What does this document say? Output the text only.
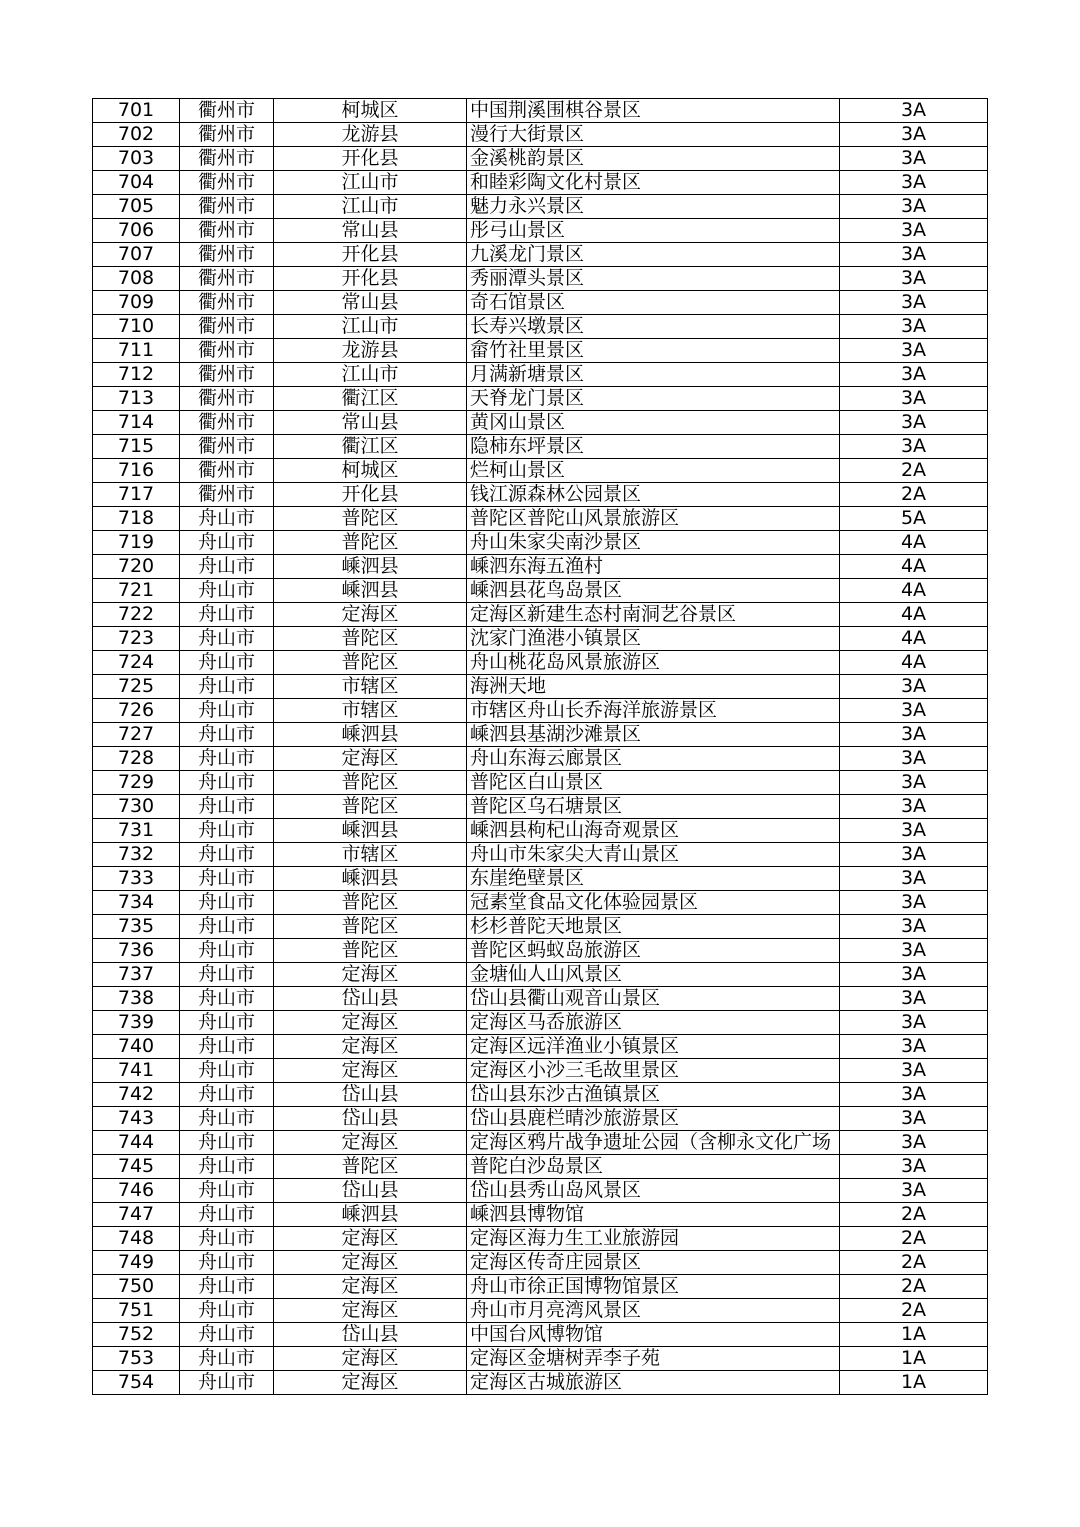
701	衢州市	柯城区	中国荆溪围棋谷景区	3A
702	衢州市	龙游县	漫行大街景区	3A
703	衢州市	开化县	金溪桃韵景区	3A
704	衢州市	江山市	和睦彩陶文化村景区	3A
705	衢州市	江山市	魅力永兴景区	3A
706	衢州市	常山县	彤弓山景区	3A
707	衢州市	开化县	九溪龙门景区	3A
708	衢州市	开化县	秀丽潭头景区	3A
709	衢州市	常山县	奇石馆景区	3A
710	衢州市	江山市	长寿兴墩景区	3A
711	衢州市	龙游县	畲竹社里景区	3A
712	衢州市	江山市	月满新塘景区	3A
713	衢州市	衢江区	天脊龙门景区	3A
714	衢州市	常山县	黄冈山景区	3A
715	衢州市	衢江区	隐柿东坪景区	3A
716	衢州市	柯城区	烂柯山景区	2A
717	衢州市	开化县	钱江源森林公园景区	2A
718	舟山市	普陀区	普陀区普陀山风景旅游区	5A
719	舟山市	普陀区	舟山朱家尖南沙景区	4A
720	舟山市	嵊泗县	嵊泗东海五渔村	4A
721	舟山市	嵊泗县	嵊泗县花鸟岛景区	4A
722	舟山市	定海区	定海区新建生态村南洞艺谷景区	4A
723	舟山市	普陀区	沈家门渔港小镇景区	4A
724	舟山市	普陀区	舟山桃花岛风景旅游区	4A
725	舟山市	市辖区	海洲天地	3A
726	舟山市	市辖区	市辖区舟山长乔海洋旅游景区	3A
727	舟山市	嵊泗县	嵊泗县基湖沙滩景区	3A
728	舟山市	定海区	舟山东海云廊景区	3A
729	舟山市	普陀区	普陀区白山景区	3A
730	舟山市	普陀区	普陀区乌石塘景区	3A
731	舟山市	嵊泗县	嵊泗县枸杞山海奇观景区	3A
732	舟山市	市辖区	舟山市朱家尖大青山景区	3A
733	舟山市	嵊泗县	东崖绝壁景区	3A
734	舟山市	普陀区	冠素堂食品文化体验园景区	3A
735	舟山市	普陀区	杉杉普陀天地景区	3A
736	舟山市	普陀区	普陀区蚂蚁岛旅游区	3A
737	舟山市	定海区	金塘仙人山风景区	3A
738	舟山市	岱山县	岱山县衢山观音山景区	3A
739	舟山市	定海区	定海区马岙旅游区	3A
740	舟山市	定海区	定海区远洋渔业小镇景区	3A
741	舟山市	定海区	定海区小沙三毛故里景区	3A
742	舟山市	岱山县	岱山县东沙古渔镇景区	3A
743	舟山市	岱山县	岱山县鹿栏晴沙旅游景区	3A
744	舟山市	定海区	定海区鸦片战争遗址公园（含柳永文化广场	3A
745	舟山市	普陀区	普陀白沙岛景区	3A
746	舟山市	岱山县	岱山县秀山岛风景区	3A
747	舟山市	嵊泗县	嵊泗县博物馆	2A
748	舟山市	定海区	定海区海力生工业旅游园	2A
749	舟山市	定海区	定海区传奇庄园景区	2A
750	舟山市	定海区	舟山市徐正国博物馆景区	2A
751	舟山市	定海区	舟山市月亮湾风景区	2A
752	舟山市	岱山县	中国台风博物馆	1A
753	舟山市	定海区	定海区金塘树弄李子苑	1A
754	舟山市	定海区	定海区古城旅游区	1A
